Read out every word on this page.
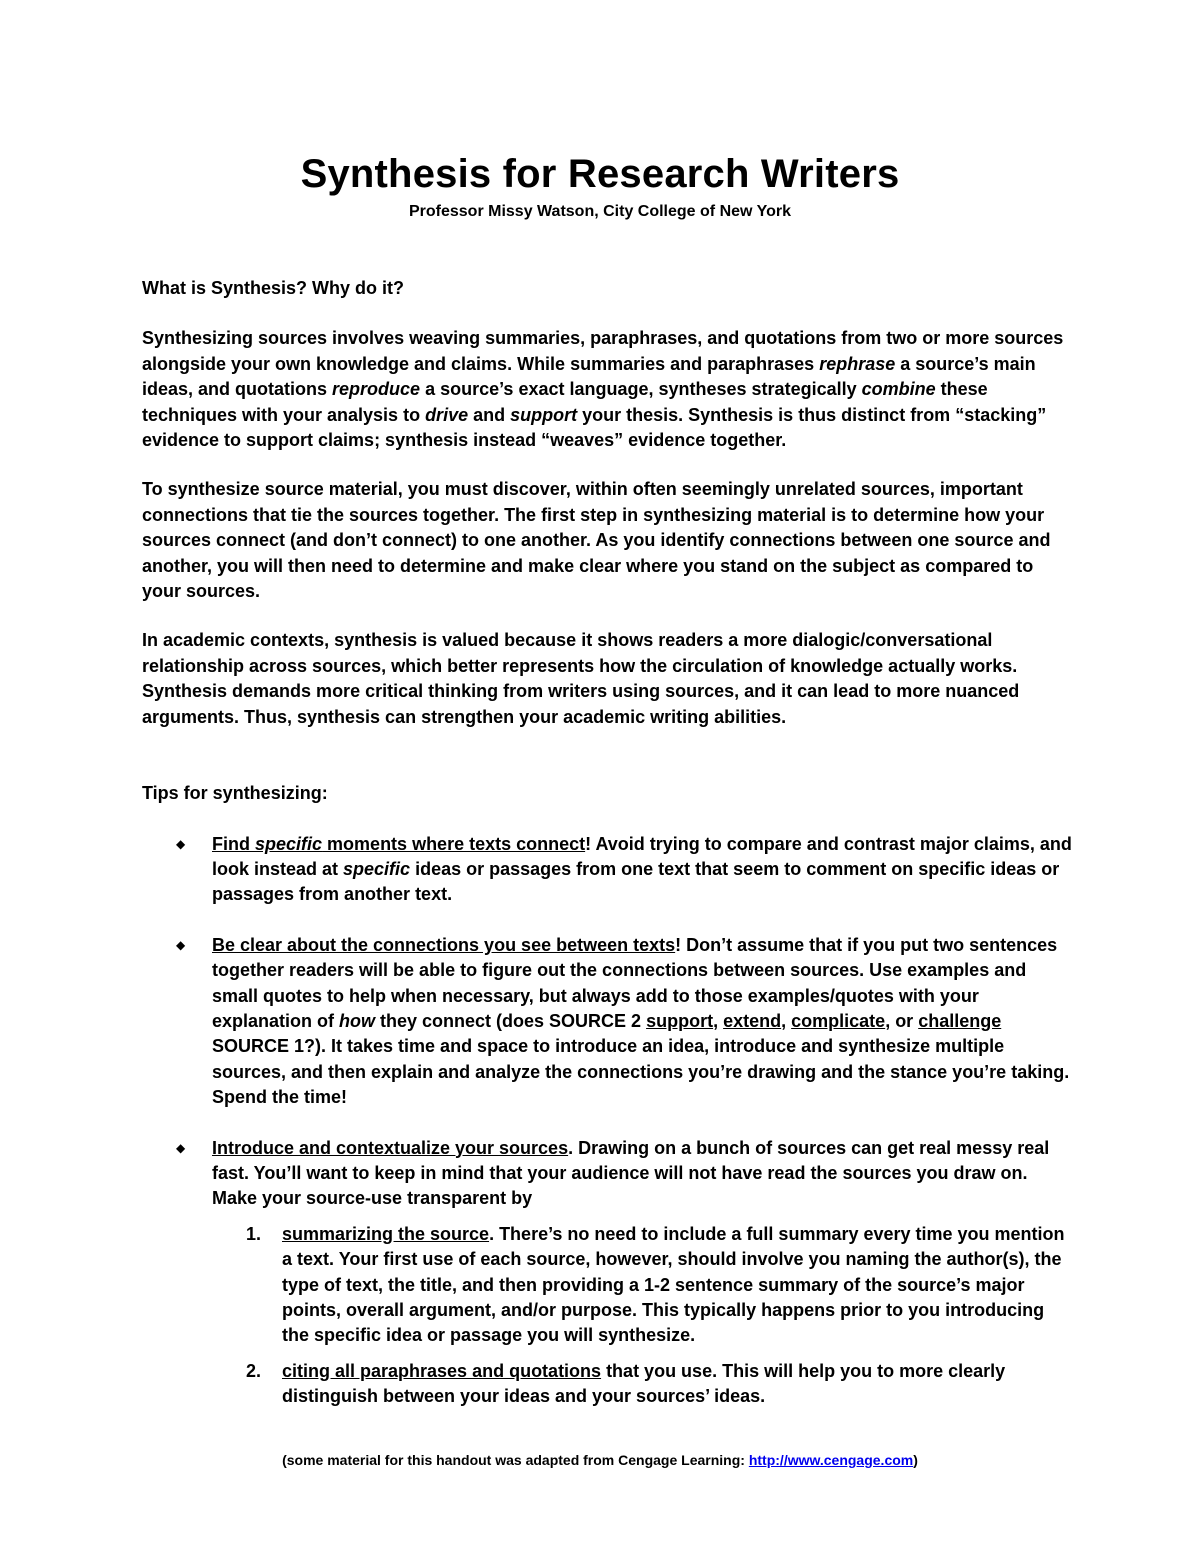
Synthesis for Research Writers
Professor Missy Watson, City College of New York

What is Synthesis? Why do it?

Synthesizing sources involves weaving summaries, paraphrases, and quotations from two or more sources alongside your own knowledge and claims. While summaries and paraphrases rephrase a source’s main ideas, and quotations reproduce a source’s exact language, syntheses strategically combine these techniques with your analysis to drive and support your thesis. Synthesis is thus distinct from “stacking” evidence to support claims; synthesis instead “weaves” evidence together.

To synthesize source material, you must discover, within often seemingly unrelated sources, important connections that tie the sources together. The first step in synthesizing material is to determine how your sources connect (and don’t connect) to one another. As you identify connections between one source and another, you will then need to determine and make clear where you stand on the subject as compared to your sources.

In academic contexts, synthesis is valued because it shows readers a more dialogic/conversational relationship across sources, which better represents how the circulation of knowledge actually works. Synthesis demands more critical thinking from writers using sources, and it can lead to more nuanced arguments. Thus, synthesis can strengthen your academic writing abilities.

Tips for synthesizing:

◆ Find specific moments where texts connect! Avoid trying to compare and contrast major claims, and look instead at specific ideas or passages from one text that seem to comment on specific ideas or passages from another text.
◆ Be clear about the connections you see between texts! Don’t assume that if you put two sentences together readers will be able to figure out the connections between sources. Use examples and small quotes to help when necessary, but always add to those examples/quotes with your explanation of how they connect (does SOURCE 2 support, extend, complicate, or challenge SOURCE 1?). It takes time and space to introduce an idea, introduce and synthesize multiple sources, and then explain and analyze the connections you’re drawing and the stance you’re taking. Spend the time!
◆ Introduce and contextualize your sources. Drawing on a bunch of sources can get real messy real fast. You’ll want to keep in mind that your audience will not have read the sources you draw on. Make your source-use transparent by
1. summarizing the source. There’s no need to include a full summary every time you mention a text. Your first use of each source, however, should involve you naming the author(s), the type of text, the title, and then providing a 1-2 sentence summary of the source’s major points, overall argument, and/or purpose. This typically happens prior to you introducing the specific idea or passage you will synthesize.
2. citing all paraphrases and quotations that you use. This will help you to more clearly distinguish between your ideas and your sources’ ideas.
(some material for this handout was adapted from Cengage Learning: http://www.cengage.com)
